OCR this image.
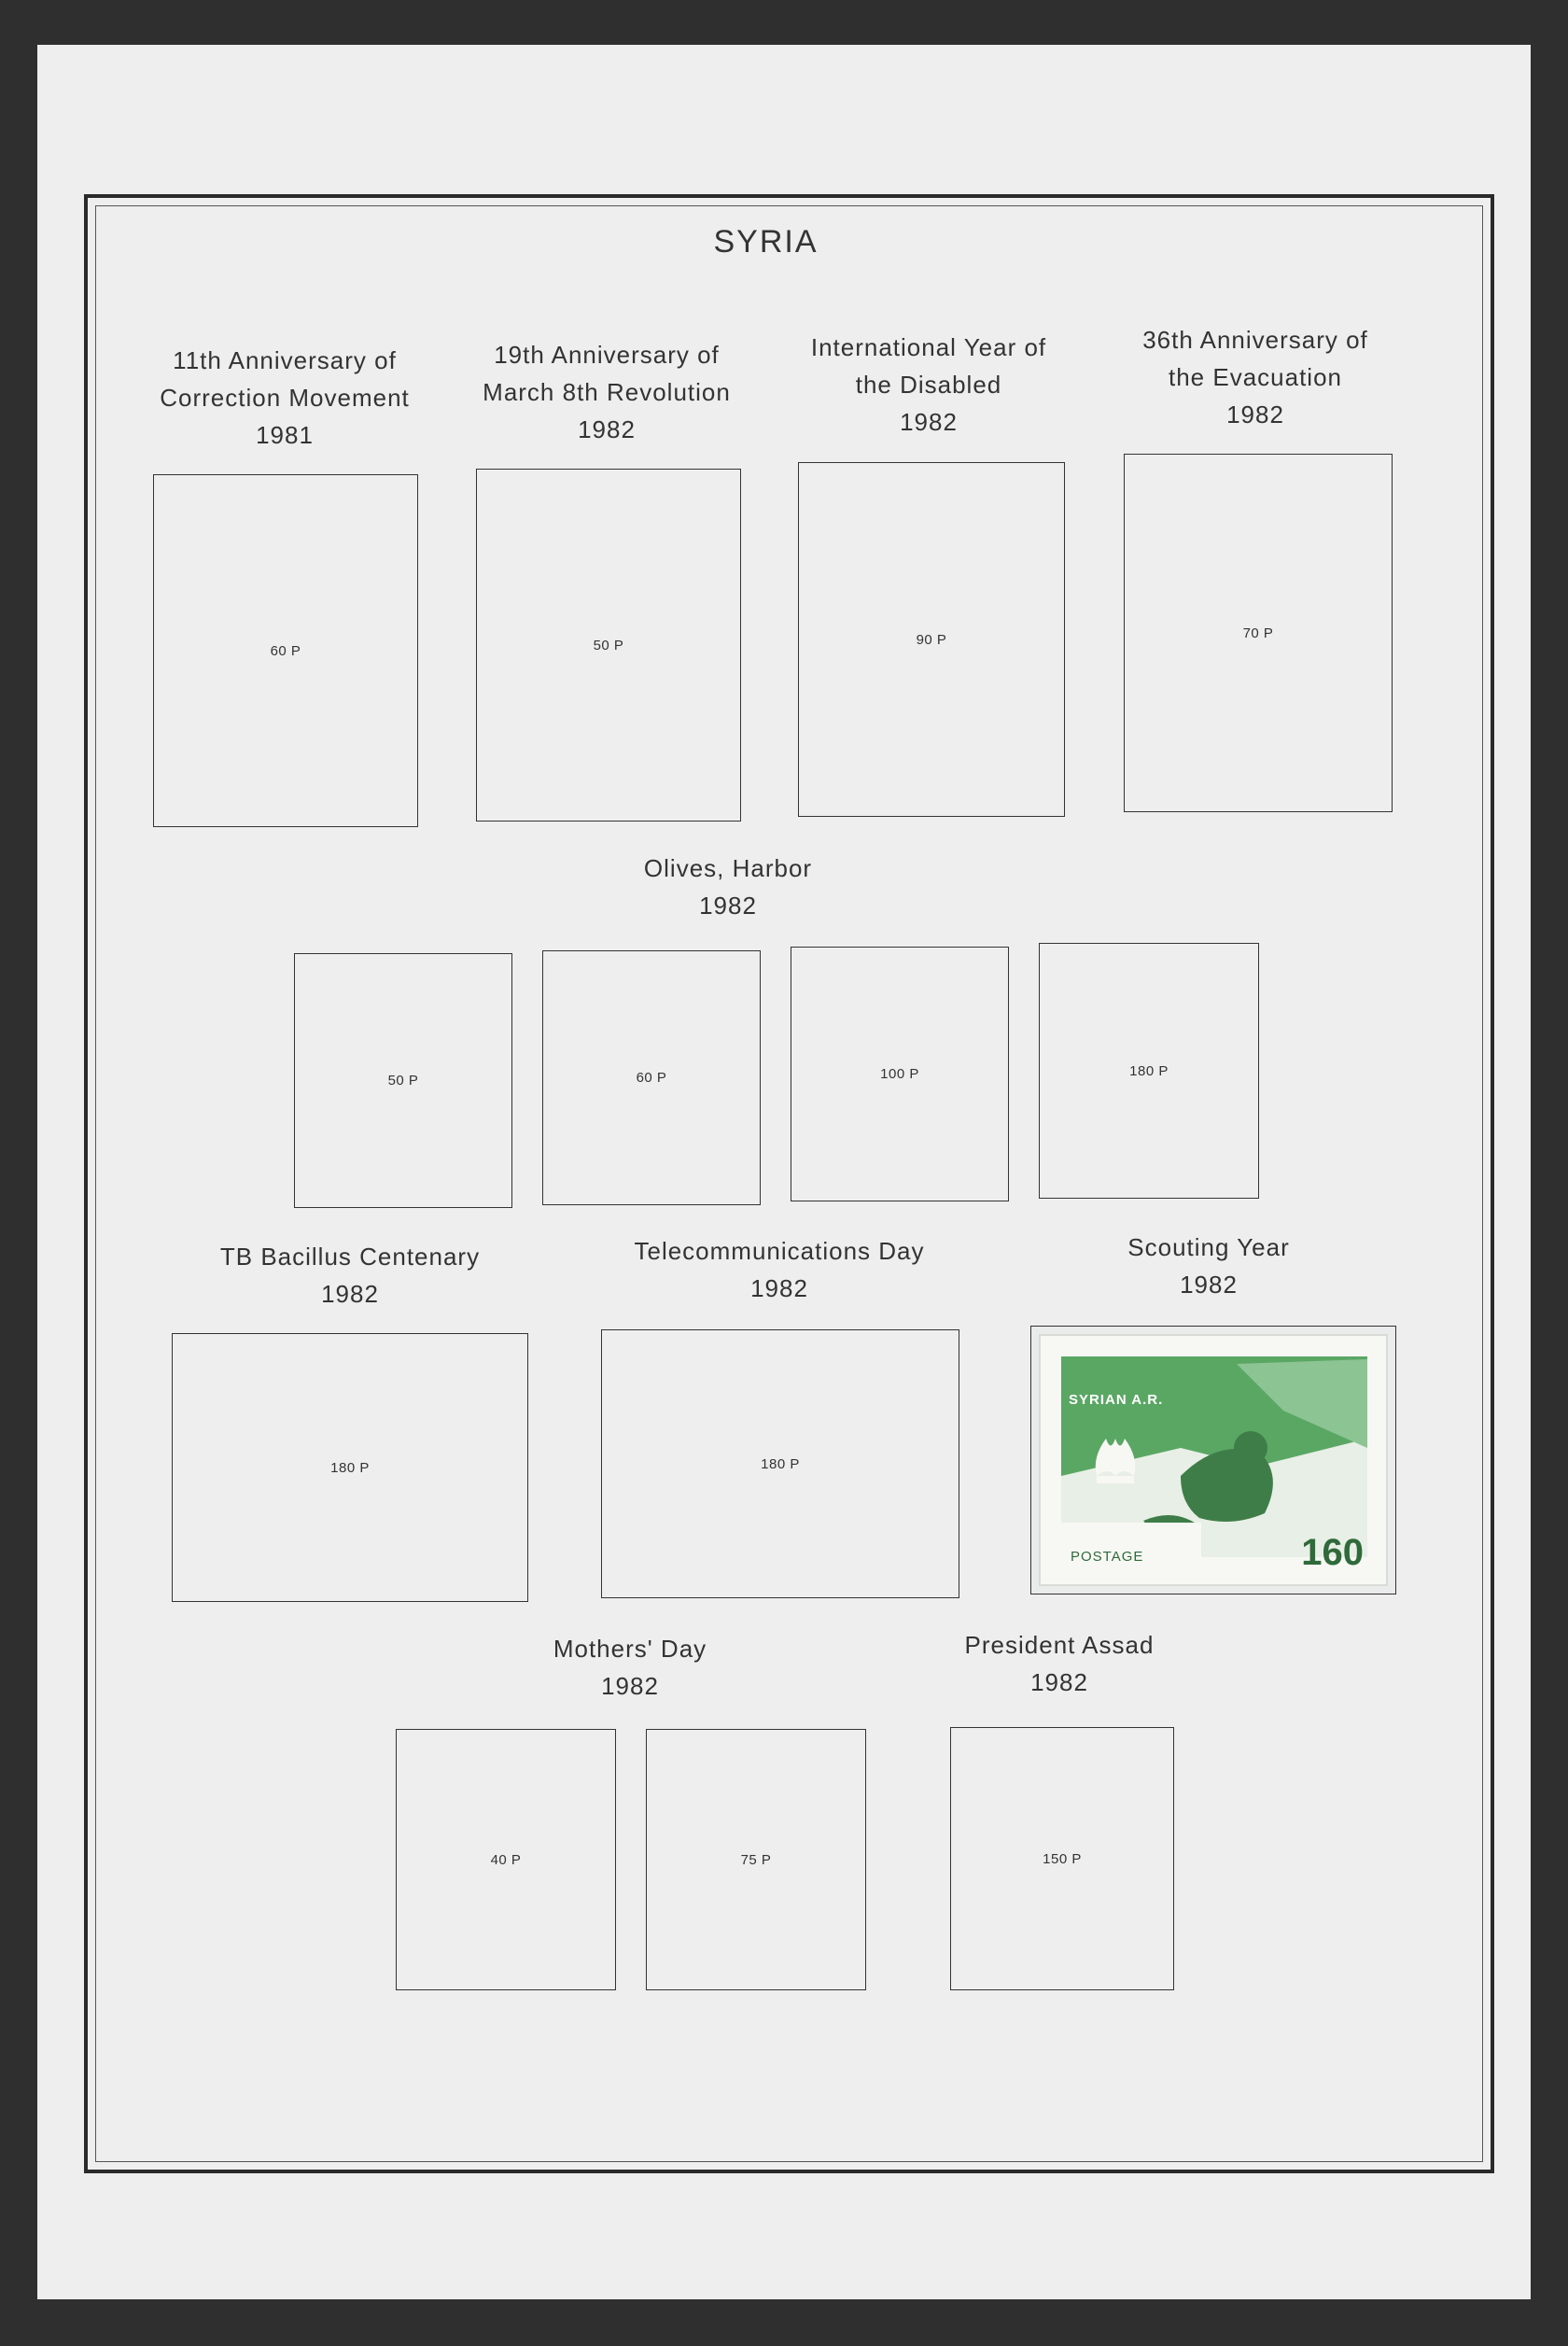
SYRIA
11th Anniversary of
Correction Movement
1981
19th Anniversary of
March 8th Revolution
1982
International Year of
the Disabled
1982
36th Anniversary of
the Evacuation
1982
60 P	50 P	90 P	70 P
Olives, Harbor
1982
50 P	60 P	100 P	180 P
TB Bacillus Centenary
1982
Telecommunications Day
1982
Scouting Year
1982
180 P	180 P
SYRIAN A.R.
POSTAGE	160
Mothers' Day
1982
President Assad
1982
40 P	75 P	150 P
